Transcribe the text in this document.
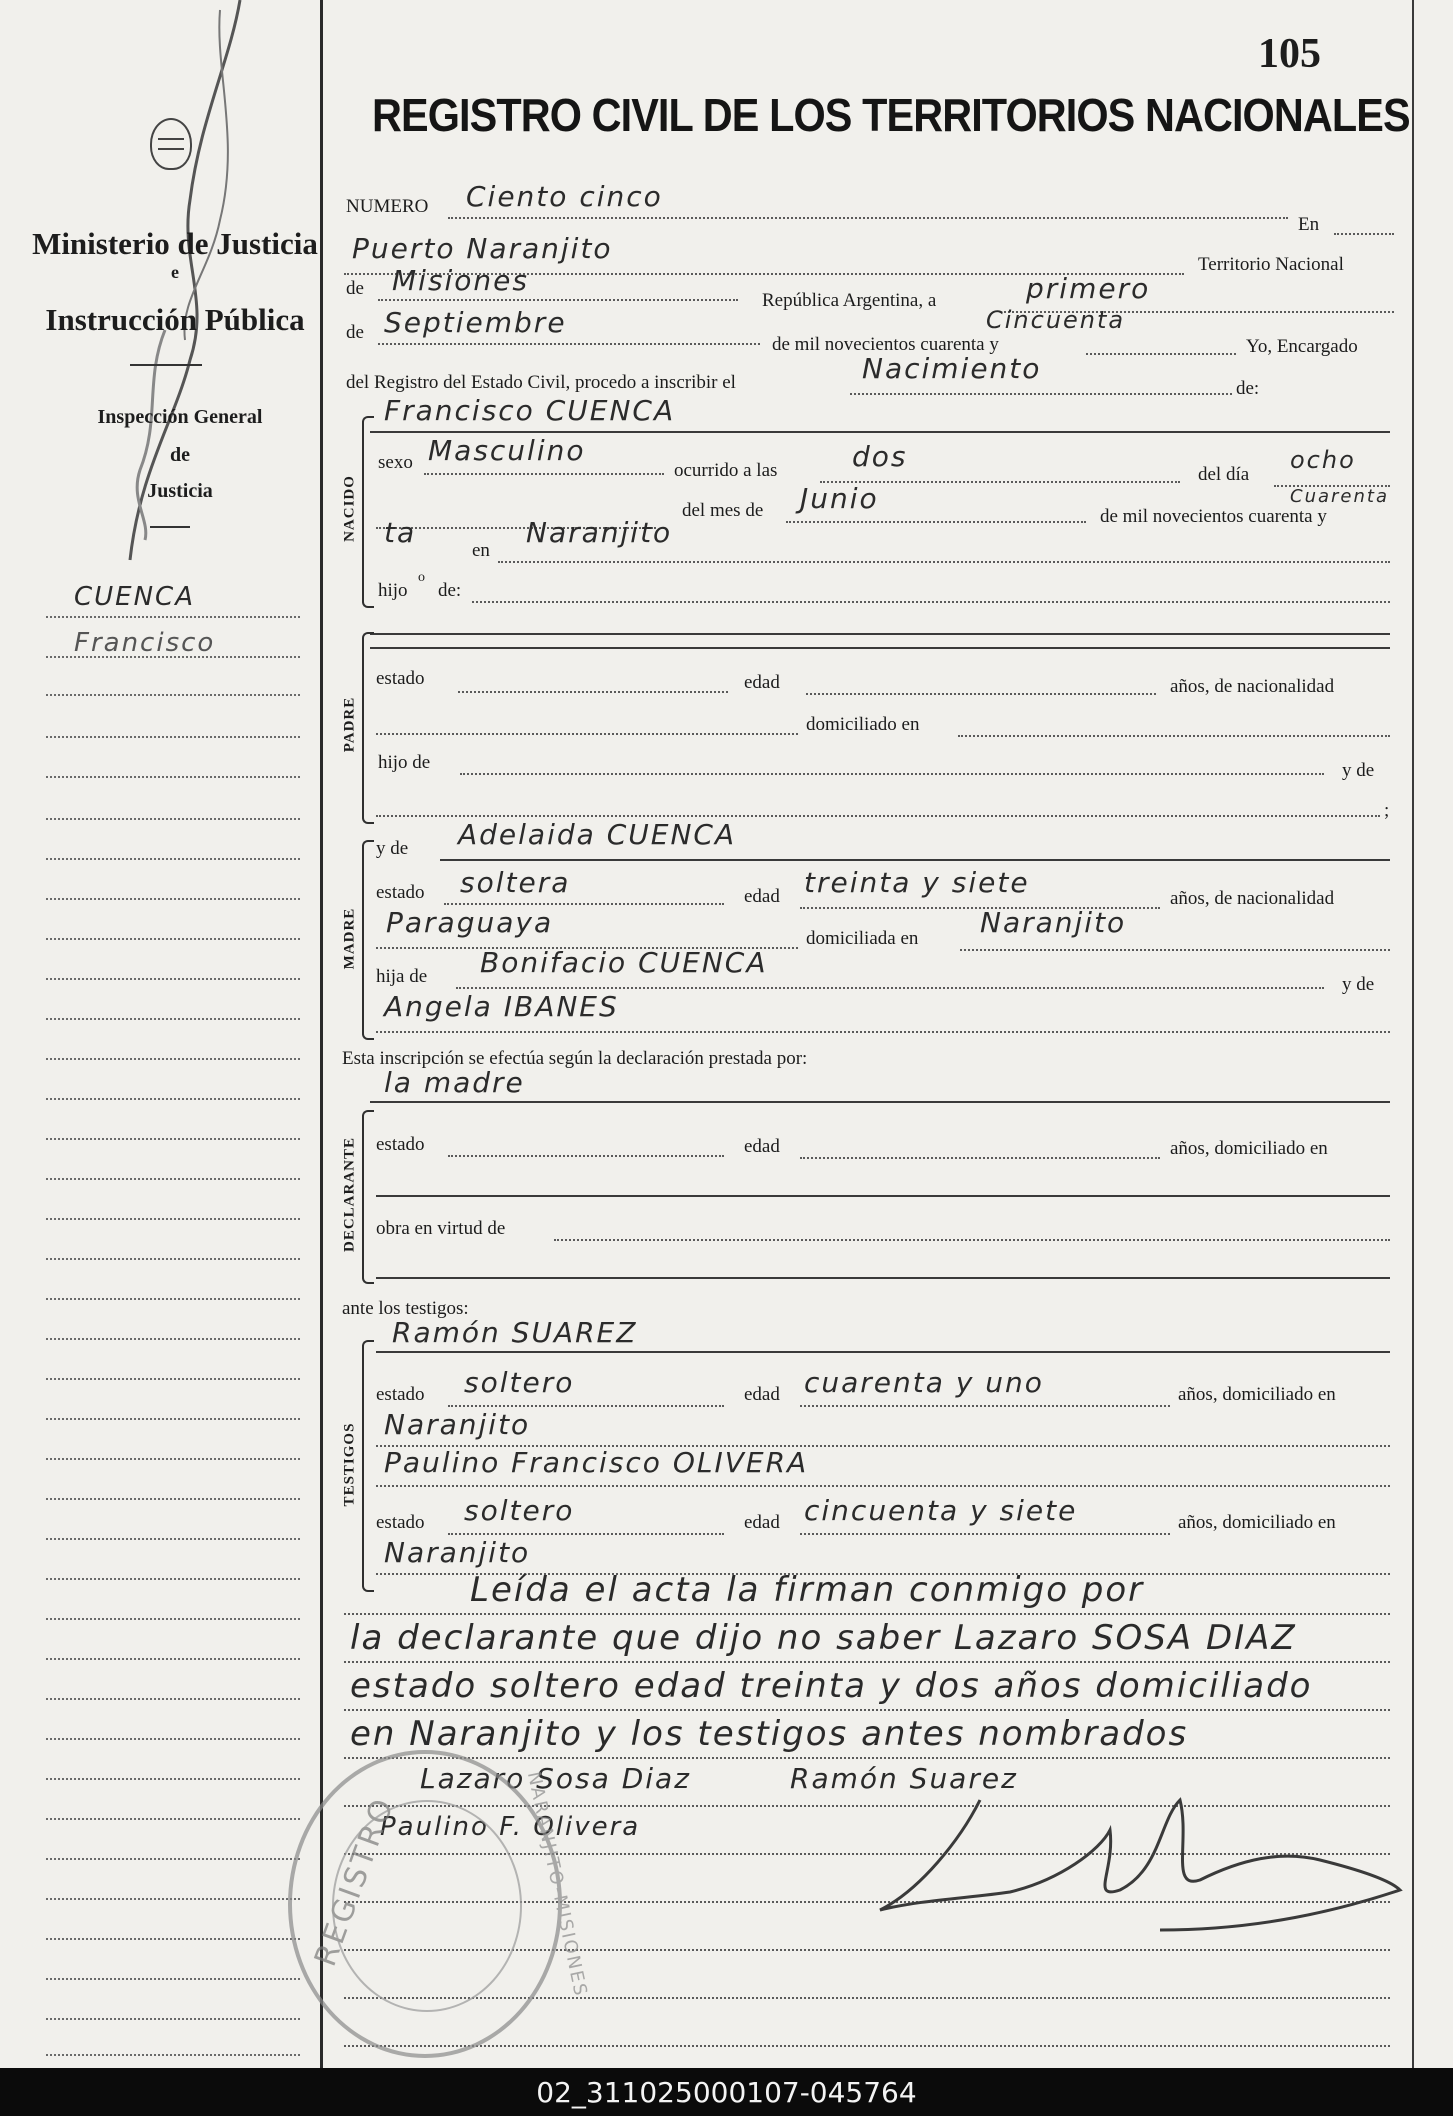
Ministerio de Justicia
e
Instrucción Pública
Inspección General
de
Justicia
CUENCA
Francisco
105
REGISTRO CIVIL DE LOS TERRITORIOS NACIONALES
NUMERO Ciento cinco
En
Puerto Naranjito	Territorio Nacional
de Misiones
República Argentina, a	primero
de Septiembre
de mil novecientos cuarenta y
Cincuenta
Yo, Encargado
del Registro del Estado Civil, procedo a inscribir el	Nacimiento
de:
Francisco CUENCA
NACIDO
sexo Masculino
ocurrido a las	dos
del día
ocho
del mes de Junio
de mil novecientos cuarenta y
Cuarenta
ta
en
Naranjito
hijo
o
de:
PADRE
estado	edad	años, de nacionalidad
domiciliado en
hijo de	y de
;
MADRE
y de Adelaida CUENCA
estado soltera	edad treinta y siete	años, de nacionalidad
Paraguaya	domiciliada en Naranjito
hija de Bonifacio CUENCA
y de
Angela IBANES
Esta inscripción se efectúa según la declaración prestada por:
la madre
DECLARANTE estado	edad	años, domiciliado en
obra en virtud de
ante los testigos:
TESTIGOS
Ramón SUAREZ
estado soltero	edad cuarenta y uno	años, domiciliado en
Naranjito
Paulino Francisco OLIVERA
estado soltero	edad cincuenta y siete	años, domiciliado en
Naranjito
Leída el acta la firman conmigo por
la declarante que dijo no saber Lazaro SOSA DIAZ
estado soltero edad treinta y dos años domiciliado
en Naranjito y los testigos antes nombrados
Lazaro Sosa Diaz	Ramón Suarez
Paulino F. Olivera
REGISTRO	NARANJITO-MISIONES
02_311025000107-045764
